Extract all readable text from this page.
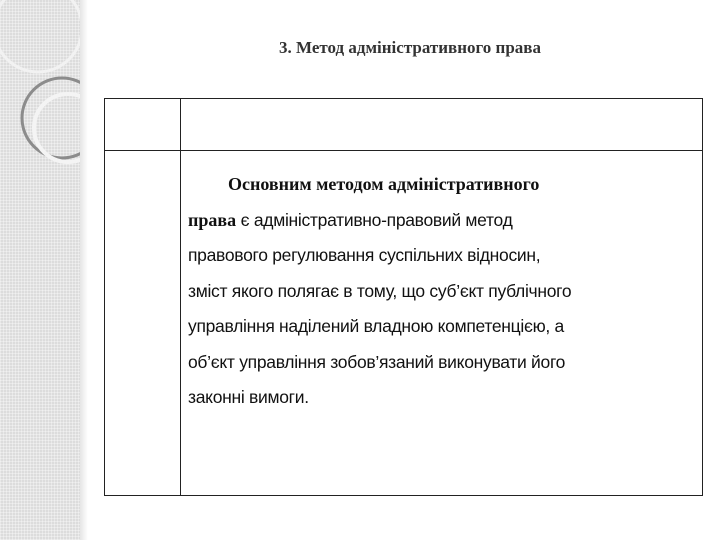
3. Метод адміністративного права
Основним методом адміністративного
права є адміністративно-правовий метод
правового регулювання суспільних відносин,
зміст якого полягає в тому, що суб’єкт публічного
управління наділений владною компетенцією, а
об’єкт управління зобов’язаний виконувати його
законні вимоги.
